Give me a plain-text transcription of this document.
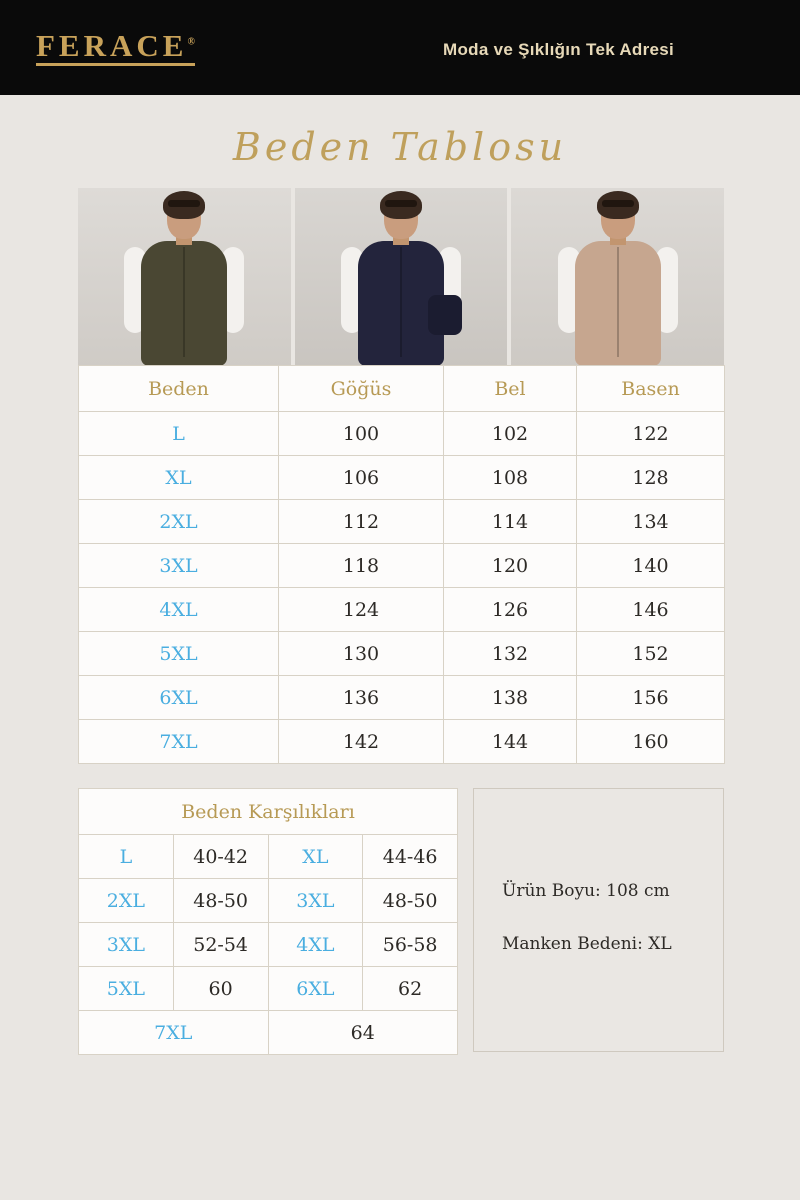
FERACE®	Moda ve Şıklığın Tek Adresi
Beden Tablosu
Beden	Göğüs	Bel	Basen
L	100	102	122
XL	106	108	128
2XL	112	114	134
3XL	118	120	140
4XL	124	126	146
5XL	130	132	152
6XL	136	138	156
7XL	142	144	160
Beden Karşılıkları			
L	40-42	XL	44-46
2XL	48-50	3XL	48-50
3XL	52-54	4XL	56-58
5XL	60	6XL	62
7XL		64	
Ürün Boyu: 108 cm
Manken Bedeni: XL
